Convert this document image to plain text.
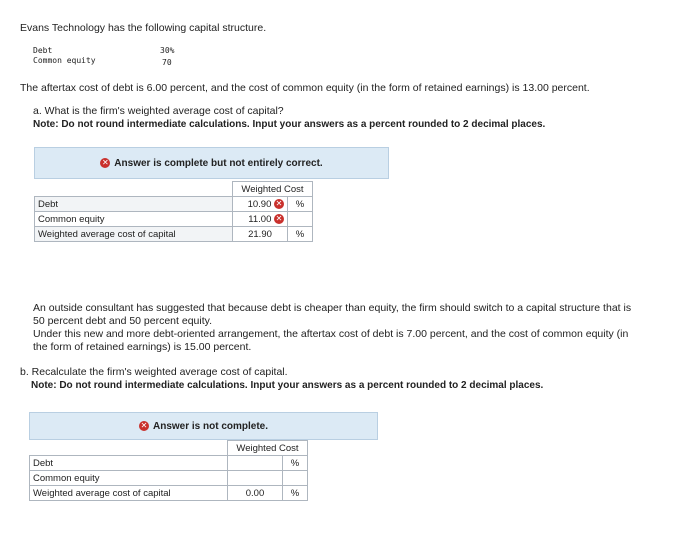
Evans Technology has the following capital structure.
Debt	30%
Common equity	70
The aftertax cost of debt is 6.00 percent, and the cost of common equity (in the form of retained earnings) is 13.00 percent.
a. What is the firm's weighted average cost of capital?
Note: Do not round intermediate calculations. Input your answers as a percent rounded to 2 decimal places.
✕ Answer is complete but not entirely correct.
	Weighted Cost	
Debt	10.90 ✕	%
Common equity	11.00 ✕	
Weighted average cost of capital	21.90	%
An outside consultant has suggested that because debt is cheaper than equity, the firm should switch to a capital structure that is
50 percent debt and 50 percent equity.
Under this new and more debt-oriented arrangement, the aftertax cost of debt is 7.00 percent, and the cost of common equity (in
the form of retained earnings) is 15.00 percent.
b. Recalculate the firm's weighted average cost of capital.
Note: Do not round intermediate calculations. Input your answers as a percent rounded to 2 decimal places.
✕ Answer is not complete.
	Weighted Cost	
Debt		%
Common equity		
Weighted average cost of capital	0.00	%
